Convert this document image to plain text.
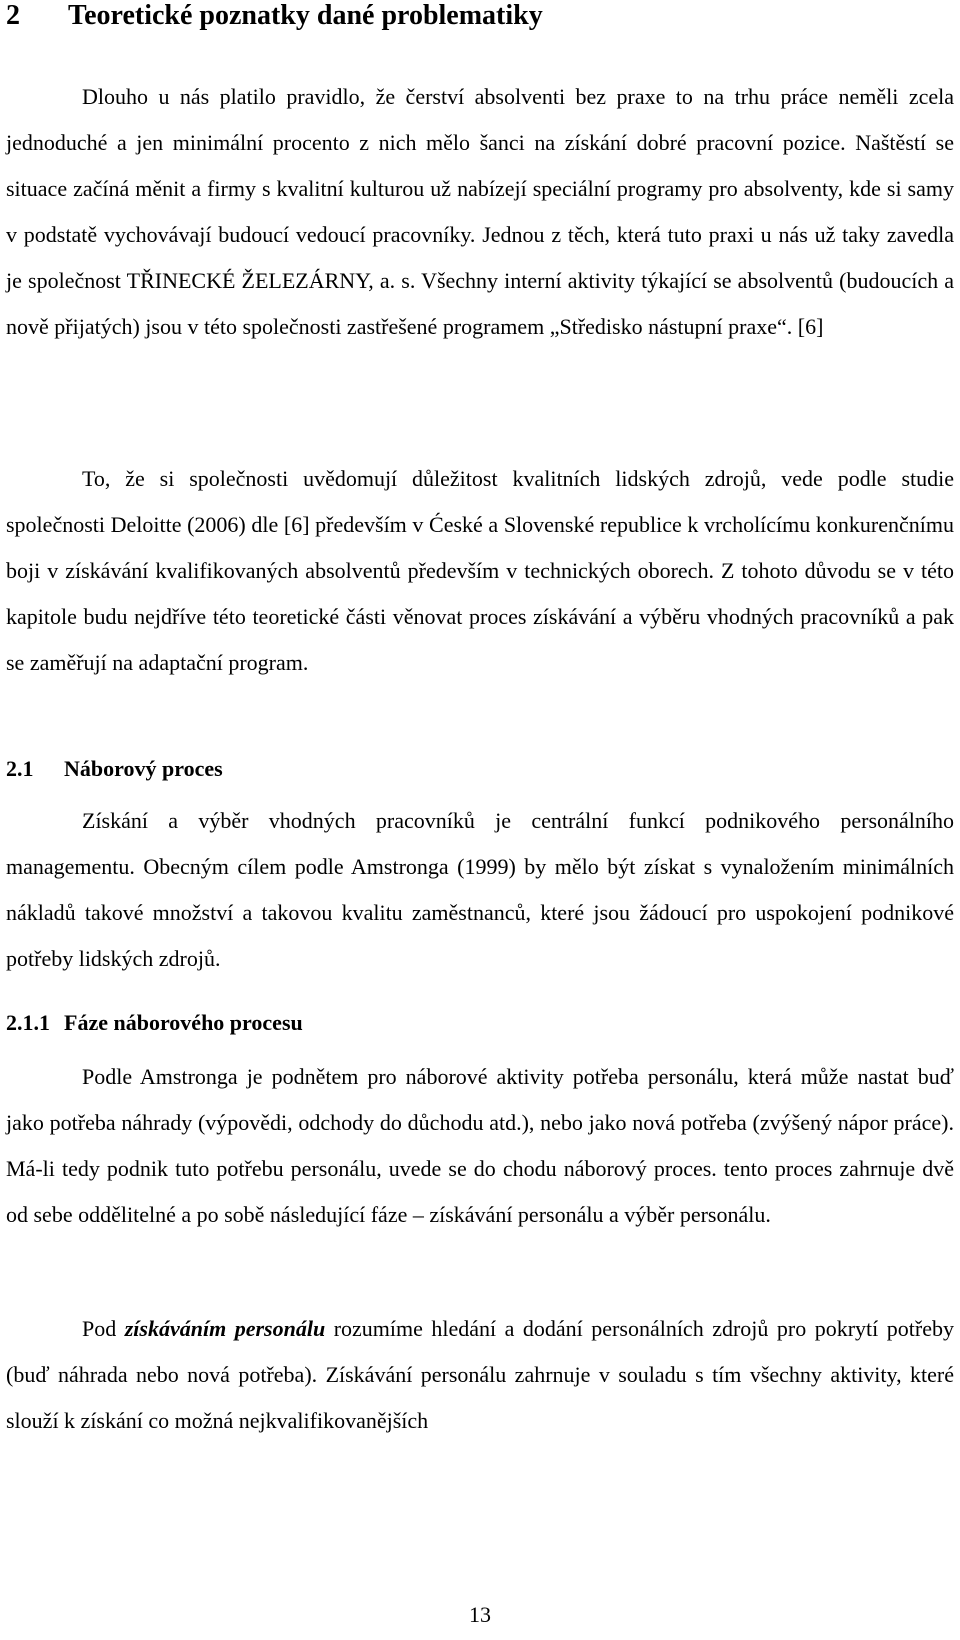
2 Teoretické poznatky dané problematiky

Dlouho u nás platilo pravidlo, že čerství absolventi bez praxe to na trhu práce neměli zcela jednoduché a jen minimální procento z nich mělo šanci na získání dobré pracovní pozice. Naštěstí se situace začíná měnit a firmy s kvalitní kulturou už nabízejí speciální programy pro absolventy, kde si samy v podstatě vychovávají budoucí vedoucí pracovníky. Jednou z těch, která tuto praxi u nás už taky zavedla je společnost TŘINECKÉ ŽELEZÁRNY, a. s. Všechny interní aktivity týkající se absolventů (budoucích a nově přijatých) jsou v této společnosti zastřešené programem „Středisko nástupní praxe“. [6]

To, že si společnosti uvědomují důležitost kvalitních lidských zdrojů, vede podle studie společnosti Deloitte (2006) dle [6] především v Ćeské a Slovenské republice k vrcholícímu konkurenčnímu boji v získávání kvalifikovaných absolventů především v technických oborech. Z tohoto důvodu se v této kapitole budu nejdříve této teoretické části věnovat proces získávání a výběru vhodných pracovníků a pak se zaměřují na adaptační program.

2.1 Náborový proces

Získání a výběr vhodných pracovníků je centrální funkcí podnikového personálního managementu. Obecným cílem podle Amstronga (1999) by mělo být získat s vynaložením minimálních nákladů takové množství a takovou kvalitu zaměstnanců, které jsou žádoucí pro uspokojení podnikové potřeby lidských zdrojů.

2.1.1 Fáze náborového procesu

Podle Amstronga je podnětem pro náborové aktivity potřeba personálu, která může nastat buď jako potřeba náhrady (výpovědi, odchody do důchodu atd.), nebo jako nová potřeba (zvýšený nápor práce). Má-li tedy podnik tuto potřebu personálu, uvede se do chodu náborový proces. tento proces zahrnuje dvě od sebe oddělitelné a po sobě následující fáze – získávání personálu a výběr personálu.

Pod získáváním personálu rozumíme hledání a dodání personálních zdrojů pro pokrytí potřeby (buď náhrada nebo nová potřeba). Získávání personálu zahrnuje v souladu s tím všechny aktivity, které slouží k získání co možná nejkvalifikovanějších

13
